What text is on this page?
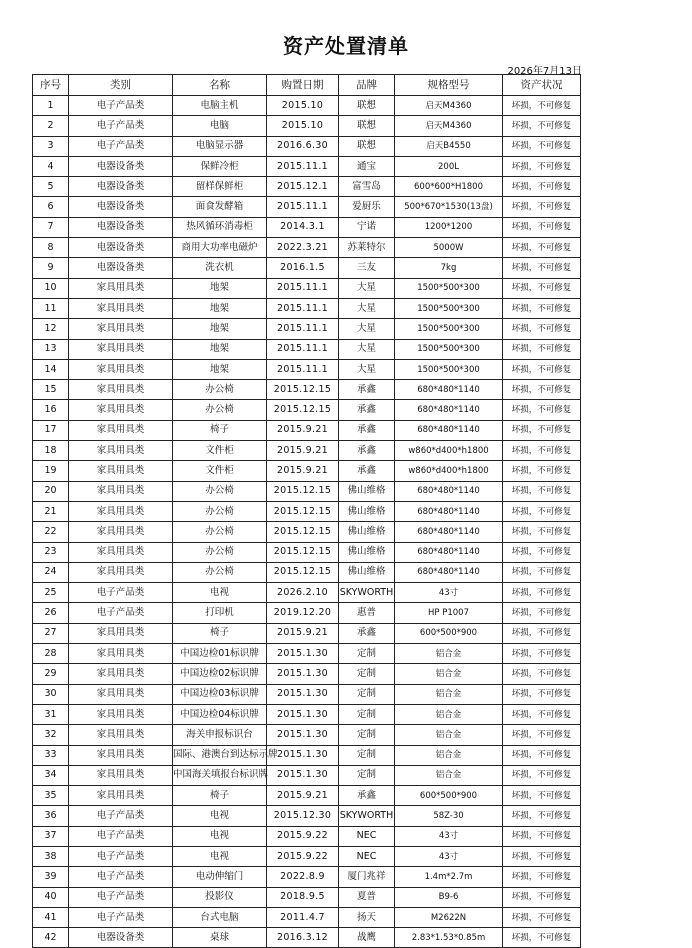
资产处置清单
2026年7月13日
序号	类别	名称	购置日期	品牌	规格型号	资产状况
1	电子产品类	电脑主机	2015.10	联想	启天M4360	坏损，不可修复
2	电子产品类	电脑	2015.10	联想	启天M4360	坏损，不可修复
3	电子产品类	电脑显示器	2016.6.30	联想	启天B4550	坏损，不可修复
4	电器设备类	保鲜冷柜	2015.11.1	通宝	200L	坏损，不可修复
5	电器设备类	留样保鲜柜	2015.12.1	富雪岛	600*600*H1800	坏损，不可修复
6	电器设备类	面食发酵箱	2015.11.1	爱厨乐	500*670*1530(13盘)	坏损，不可修复
7	电器设备类	热风循环消毒柜	2014.3.1	宁诺	1200*1200	坏损，不可修复
8	电器设备类	商用大功率电磁炉	2022.3.21	苏莱特尔	5000W	坏损，不可修复
9	电器设备类	洗衣机	2016.1.5	三友	7kg	坏损，不可修复
10	家具用具类	地架	2015.11.1	大星	1500*500*300	坏损，不可修复
11	家具用具类	地架	2015.11.1	大星	1500*500*300	坏损，不可修复
12	家具用具类	地架	2015.11.1	大星	1500*500*300	坏损，不可修复
13	家具用具类	地架	2015.11.1	大星	1500*500*300	坏损，不可修复
14	家具用具类	地架	2015.11.1	大星	1500*500*300	坏损，不可修复
15	家具用具类	办公椅	2015.12.15	承鑫	680*480*1140	坏损，不可修复
16	家具用具类	办公椅	2015.12.15	承鑫	680*480*1140	坏损，不可修复
17	家具用具类	椅子	2015.9.21	承鑫	680*480*1140	坏损，不可修复
18	家具用具类	文件柜	2015.9.21	承鑫	w860*d400*h1800	坏损，不可修复
19	家具用具类	文件柜	2015.9.21	承鑫	w860*d400*h1800	坏损，不可修复
20	家具用具类	办公椅	2015.12.15	佛山维格	680*480*1140	坏损，不可修复
21	家具用具类	办公椅	2015.12.15	佛山维格	680*480*1140	坏损，不可修复
22	家具用具类	办公椅	2015.12.15	佛山维格	680*480*1140	坏损，不可修复
23	家具用具类	办公椅	2015.12.15	佛山维格	680*480*1140	坏损，不可修复
24	家具用具类	办公椅	2015.12.15	佛山维格	680*480*1140	坏损，不可修复
25	电子产品类	电视	2026.2.10	SKYWORTH	43寸	坏损，不可修复
26	电子产品类	打印机	2019.12.20	惠普	HP P1007	坏损，不可修复
27	家具用具类	椅子	2015.9.21	承鑫	600*500*900	坏损，不可修复
28	家具用具类	中国边检01标识牌	2015.1.30	定制	铝合金	坏损，不可修复
29	家具用具类	中国边检02标识牌	2015.1.30	定制	铝合金	坏损，不可修复
30	家具用具类	中国边检03标识牌	2015.1.30	定制	铝合金	坏损，不可修复
31	家具用具类	中国边检04标识牌	2015.1.30	定制	铝合金	坏损，不可修复
32	家具用具类	海关申报标识台	2015.1.30	定制	铝合金	坏损，不可修复
33	家具用具类	国际、港澳台到达标示牌	2015.1.30	定制	铝合金	坏损，不可修复
34	家具用具类	中国海关填报台标识牌	2015.1.30	定制	铝合金	坏损，不可修复
35	家具用具类	椅子	2015.9.21	承鑫	600*500*900	坏损，不可修复
36	电子产品类	电视	2015.12.30	SKYWORTH	58Z-30	坏损，不可修复
37	电子产品类	电视	2015.9.22	NEC	43寸	坏损，不可修复
38	电子产品类	电视	2015.9.22	NEC	43寸	坏损，不可修复
39	电子产品类	电动伸缩门	2022.8.9	厦门兆祥	1.4m*2.7m	坏损，不可修复
40	电子产品类	投影仪	2018.9.5	夏普	B9-6	坏损，不可修复
41	电子产品类	台式电脑	2011.4.7	扬天	M2622N	坏损，不可修复
42	电器设备类	桌球	2016.3.12	战鹰	2.83*1.53*0.85m	坏损，不可修复
